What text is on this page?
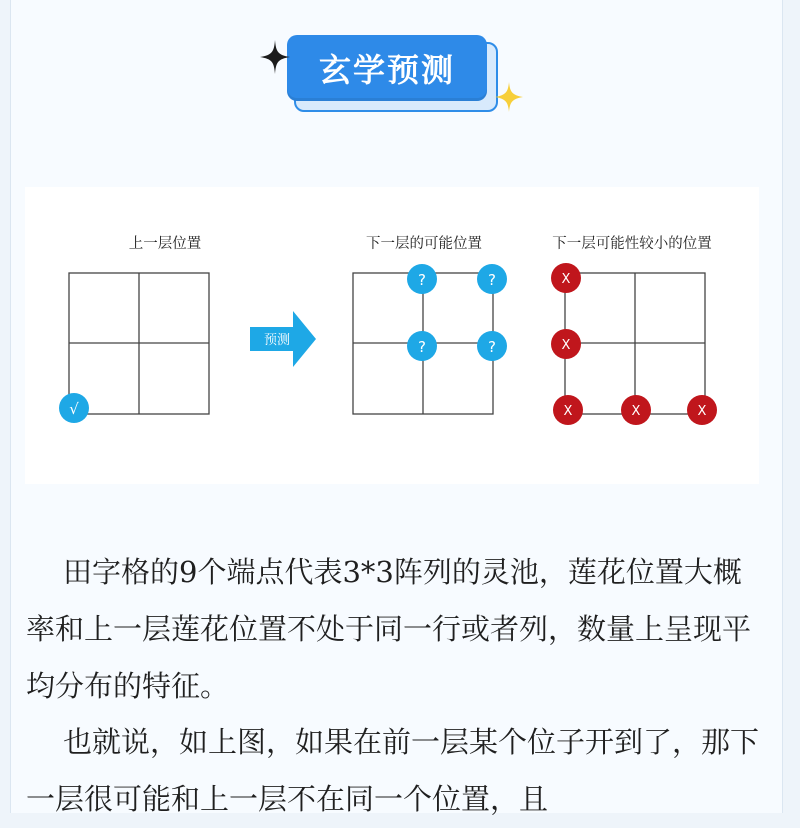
玄学预测
上一层位置	下一层的可能位置	下一层可能性较小的位置
√
预测
?	?
?	?
X
X
X	X	X

田字格的9个端点代表3*3阵列的灵池，莲花位置大概率和上一层莲花位置不处于同一行或者列，数量上呈现平均分布的特征。

也就说，如上图，如果在前一层某个位子开到了，那下一层很可能和上一层不在同一个位置，且
